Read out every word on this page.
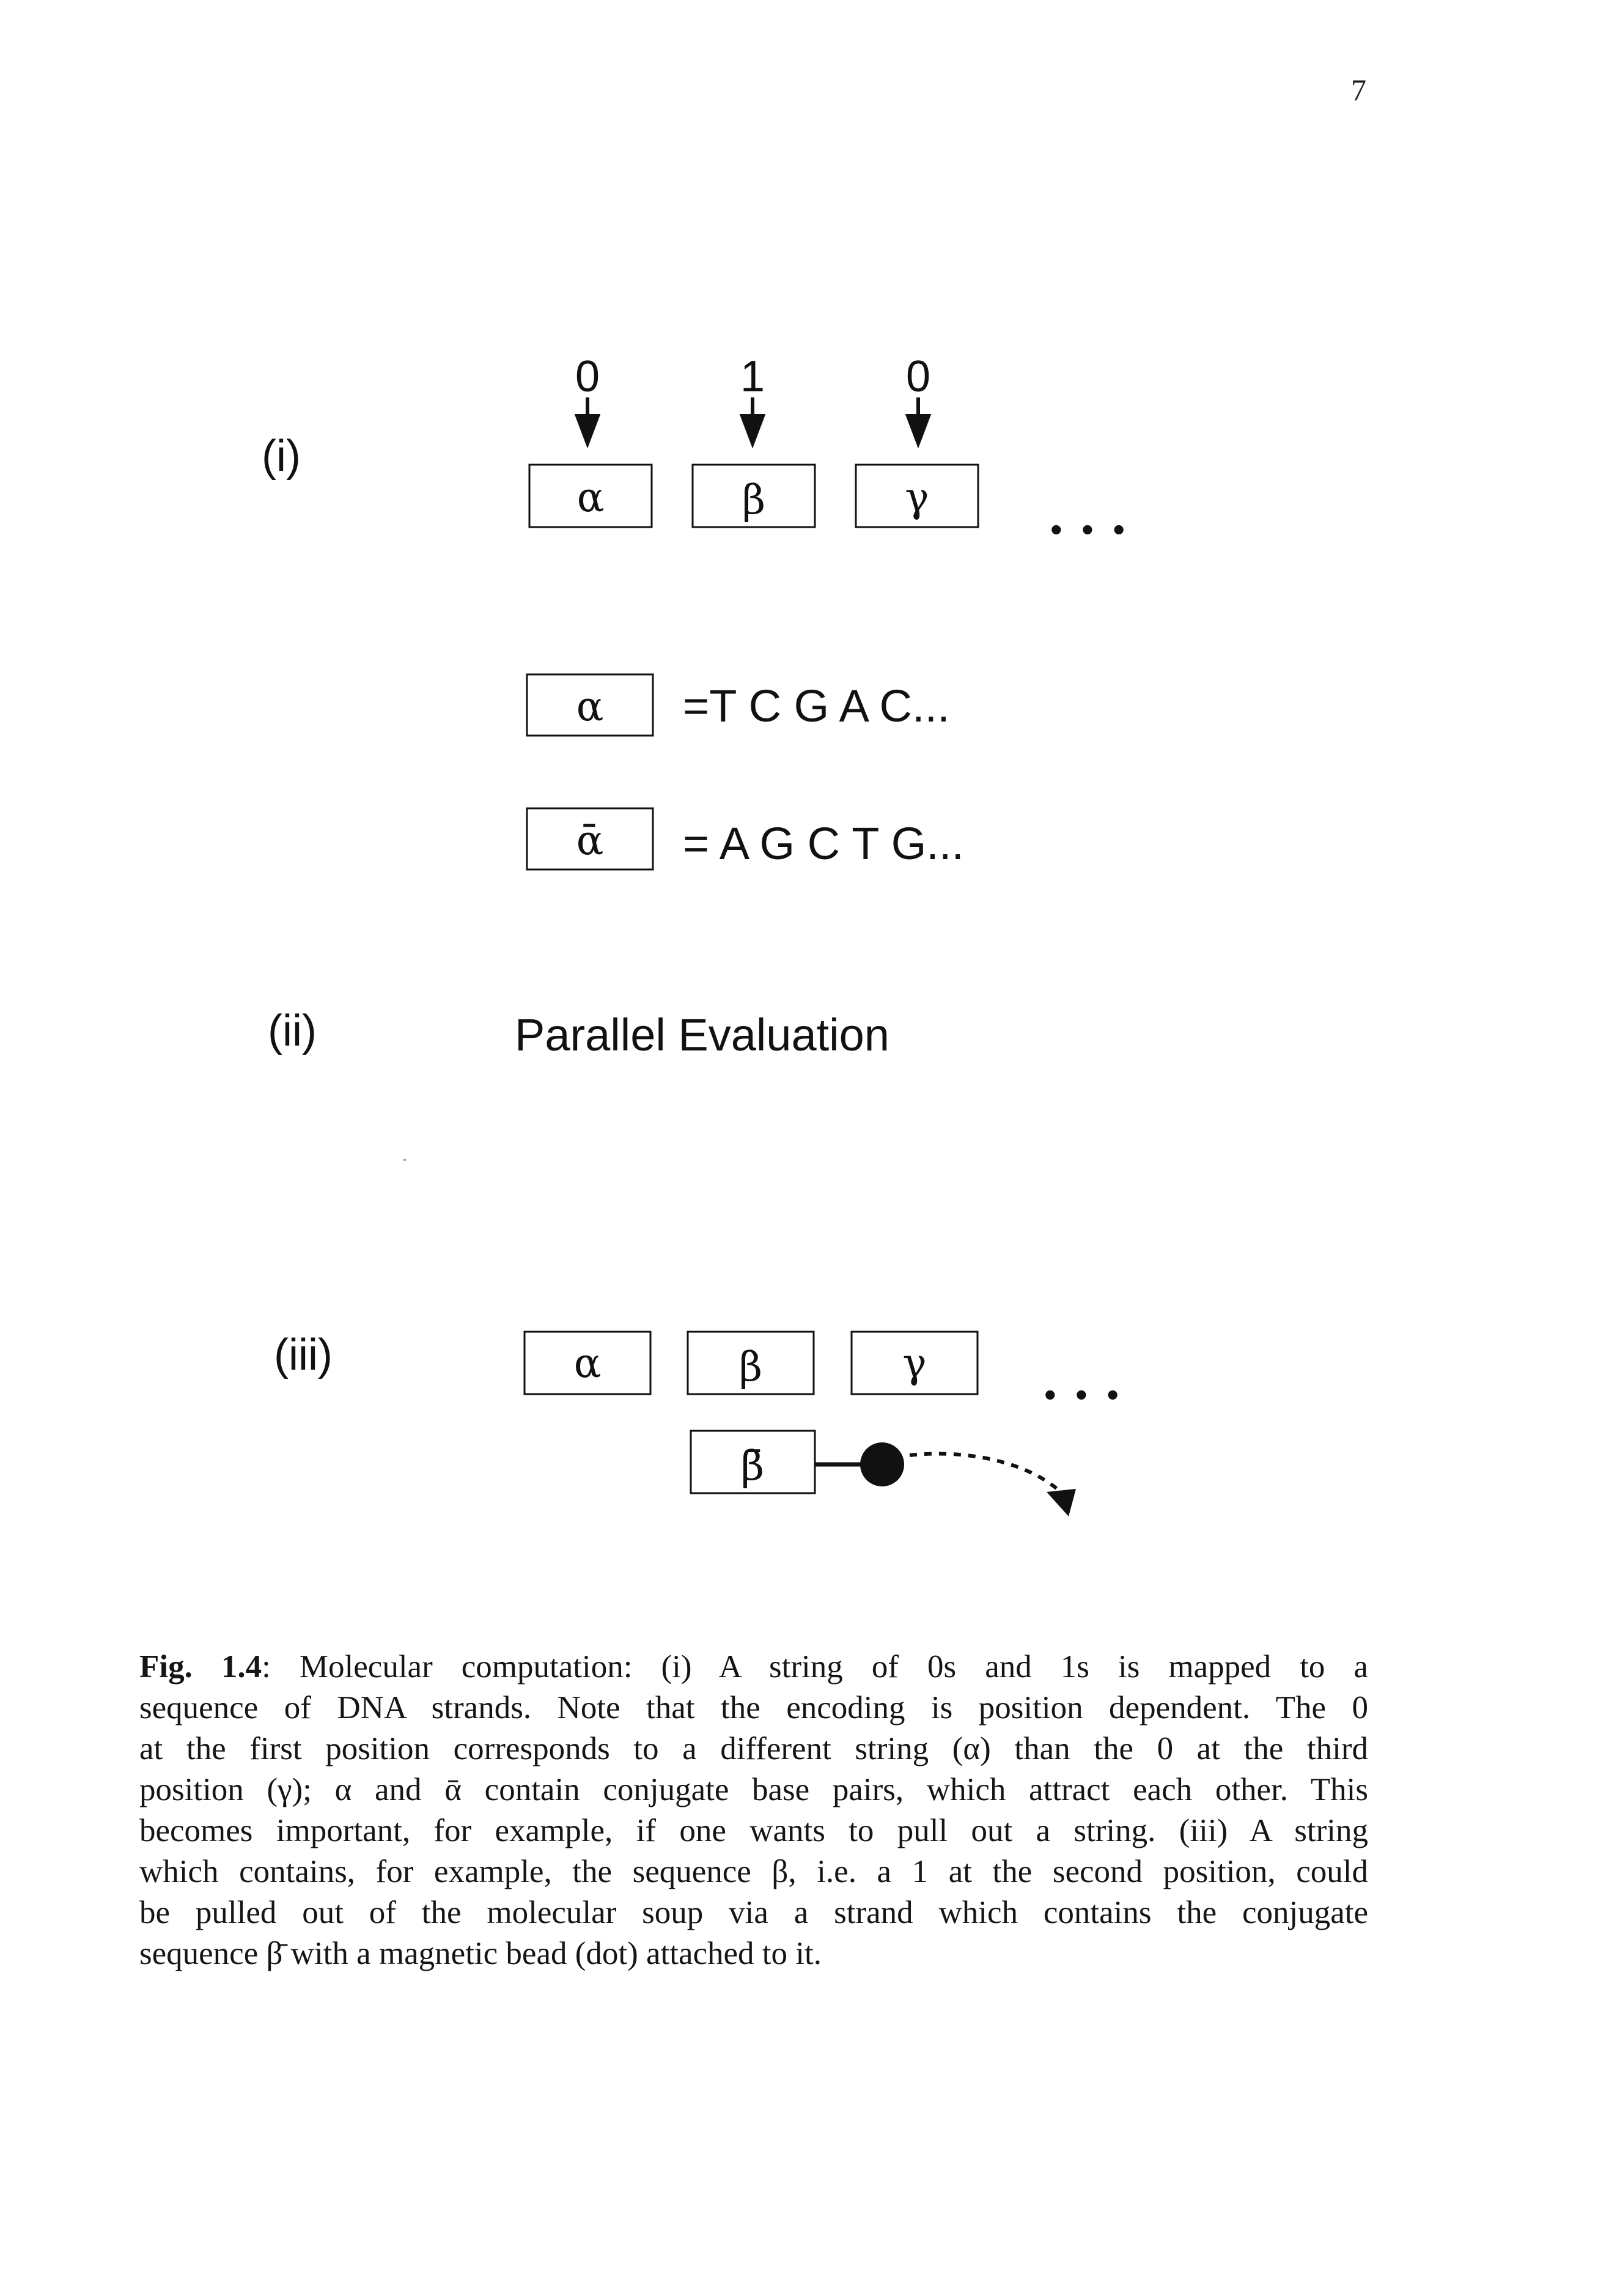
7
(i)
(ii)
(iii)
0	1	0
α	β	γ
• • •
α =T C G A C...
ᾱ = A G C T G...
Parallel Evaluation
α	β	γ
• • •
β̄
Fig. 1.4: Molecular computation: (i) A string of 0s and 1s is mapped to a
sequence of DNA strands. Note that the encoding is position dependent. The 0
at the first position corresponds to a different string (α) than the 0 at the third
position (γ); α and ᾱ contain conjugate base pairs, which attract each other. This
becomes important, for example, if one wants to pull out a string. (iii) A string
which contains, for example, the sequence β, i.e. a 1 at the second position, could
be pulled out of the molecular soup via a strand which contains the conjugate
sequence β̄ with a magnetic bead (dot) attached to it.
